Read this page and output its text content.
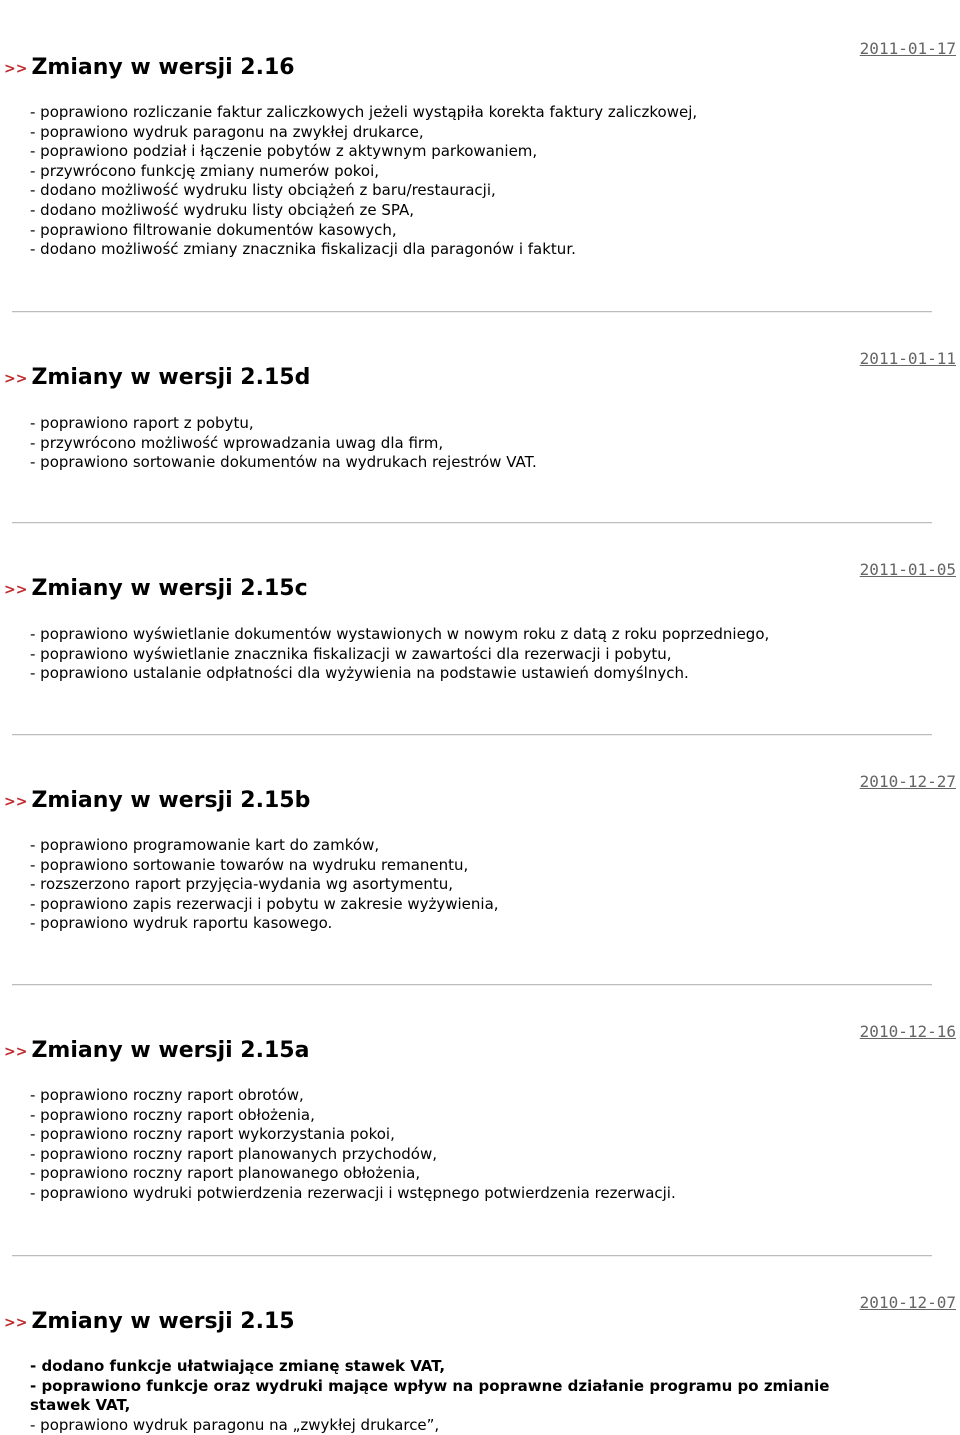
2011-01-17
>> Zmiany w wersji 2.16
- poprawiono rozliczanie faktur zaliczkowych jeżeli wystąpiła korekta faktury zaliczkowej,
- poprawiono wydruk paragonu na zwykłej drukarce,
- poprawiono podział i łączenie pobytów z aktywnym parkowaniem,
- przywrócono funkcję zmiany numerów pokoi,
- dodano możliwość wydruku listy obciążeń z baru/restauracji,
- dodano możliwość wydruku listy obciążeń ze SPA,
- poprawiono filtrowanie dokumentów kasowych,
- dodano możliwość zmiany znacznika fiskalizacji dla paragonów i faktur.
2011-01-11
>> Zmiany w wersji 2.15d
- poprawiono raport z pobytu,
- przywrócono możliwość wprowadzania uwag dla firm,
- poprawiono sortowanie dokumentów na wydrukach rejestrów VAT.
2011-01-05
>> Zmiany w wersji 2.15c
- poprawiono wyświetlanie dokumentów wystawionych w nowym roku z datą z roku poprzedniego,
- poprawiono wyświetlanie znacznika fiskalizacji w zawartości dla rezerwacji i pobytu,
- poprawiono ustalanie odpłatności dla wyżywienia na podstawie ustawień domyślnych.
2010-12-27
>> Zmiany w wersji 2.15b
- poprawiono programowanie kart do zamków,
- poprawiono sortowanie towarów na wydruku remanentu,
- rozszerzono raport przyjęcia-wydania wg asortymentu,
- poprawiono zapis rezerwacji i pobytu w zakresie wyżywienia,
- poprawiono wydruk raportu kasowego.
2010-12-16
>> Zmiany w wersji 2.15a
- poprawiono roczny raport obrotów,
- poprawiono roczny raport obłożenia,
- poprawiono roczny raport wykorzystania pokoi,
- poprawiono roczny raport planowanych przychodów,
- poprawiono roczny raport planowanego obłożenia,
- poprawiono wydruki potwierdzenia rezerwacji i wstępnego potwierdzenia rezerwacji.
2010-12-07
>> Zmiany w wersji 2.15
- dodano funkcje ułatwiające zmianę stawek VAT,
- poprawiono funkcje oraz wydruki mające wpływ na poprawne działanie programu po zmianie stawek VAT,
- poprawiono wydruk paragonu na „zwykłej drukarce”,
